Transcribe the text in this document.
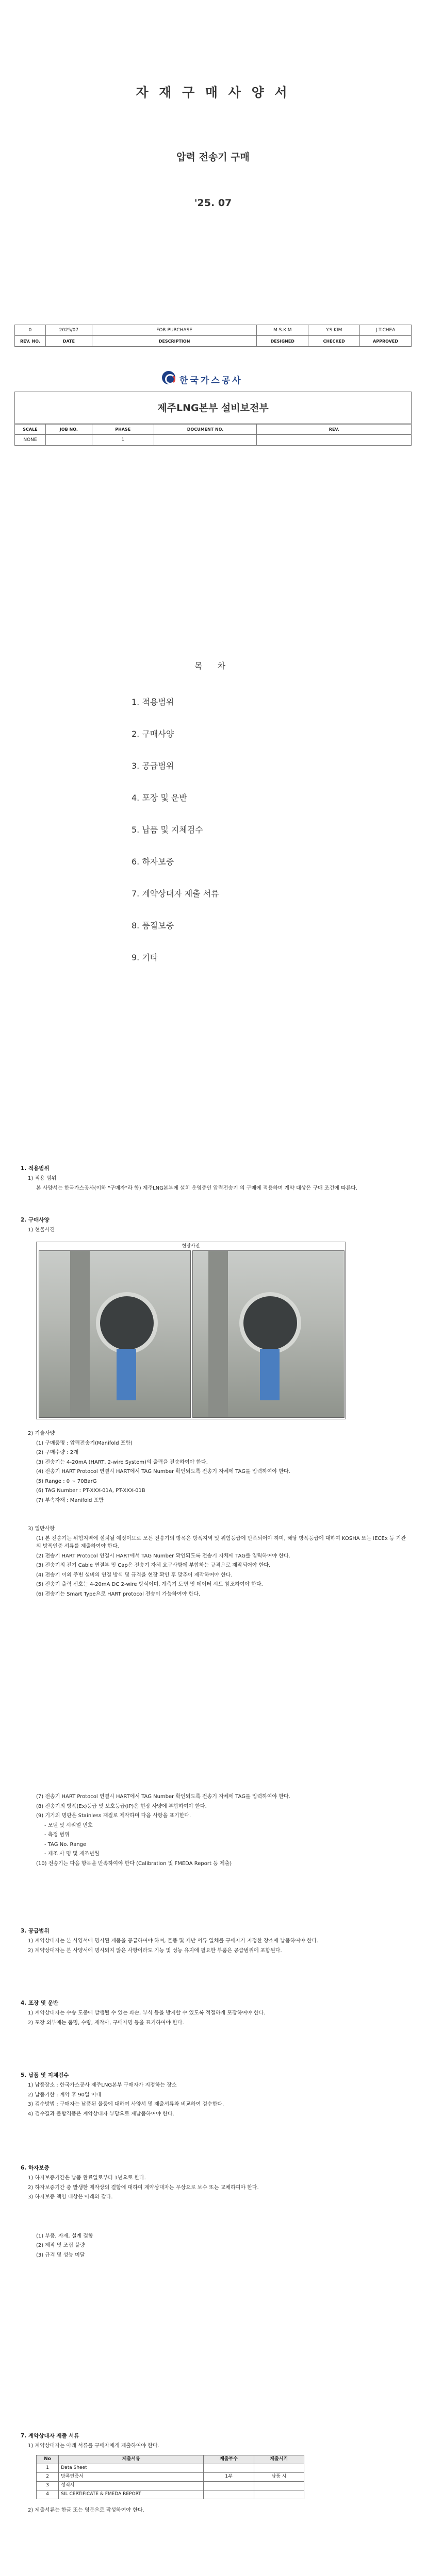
자 재 구 매 사 양 서
압력 전송기 구매
'25. 07
0	2025/07	FOR PURCHASE	M.S.KIM	Y.S.KIM	J.T.CHEA
REV. NO.	DATE	DESCRIPTION	DESIGNED	CHECKED	APPROVED
한국가스공사
제주LNG본부 설비보전부
SCALE	JOB NO.	PHASE	DOCUMENT NO.	REV.
NONE		1		
목 차
1. 적용범위
2. 구매사양
3. 공급범위
4. 포장 및 운반
5. 납품 및 지체검수
6. 하자보증
7. 계약상대자 제출 서류
8. 품질보증
9. 기타
1. 적용범위

1) 적용 범위

본 사양서는 한국가스공사(이하 "구매자"라 함) 제주LNG본부에 설치 운영중인 압력전송기 의 구매에 적용하며 계약 대상은 구매 조건에 따른다.

2. 구매사양

1) 현물사진

현장사진

2) 기술사양

(1) 구매품명 : 압력전송기(Manifold 포함)

(2) 구매수량 : 2개

(3) 전송기는 4-20mA (HART, 2-wire System)의 출력을 전송하여야 한다.

(4) 전송기 HART Protocol 연결시 HART에서 TAG Number 확인되도록 전송기 자체에 TAG를 입력하여야 한다.

(5) Range : 0 ~ 70BarG

(6) TAG Number : PT-XXX-01A, PT-XXX-01B

(7) 부속자재 : Manifold 포함

3) 일반사항

(1) 본 전송기는 위험지역에 설치될 예정이므로 모든 전송기의 방폭은 방폭지역 및 위험등급에 만족되어야 하며, 해당 방폭등급에 대하여 KOSHA 또는 IECEx 등 기관의 방폭인증 서류를 제출하여야 한다.

(2) 전송기 HART Protocol 연결시 HART에서 TAG Number 확인되도록 전송기 자체에 TAG를 입력하여야 한다.

(3) 전송기의 전기 Cable 연결부 및 Cap은 전송기 자체 요구사항에 부합하는 규격으로 제작되어야 한다.

(4) 전송기 이외 주변 설비의 연결 방식 및 규격을 현장 확인 후 맞추어 제작하여야 한다.

(5) 전송기 출력 신호는 4-20mA DC 2-wire 방식이며, 계측기 도면 및 데이터 시트 참조하여야 한다.

(6) 전송기는 Smart Type으로 HART protocol 전송이 가능하여야 한다.

(7) 전송기 HART Protocol 연결시 HART에서 TAG Number 확인되도록 전송기 자체에 TAG를 입력하여야 한다.

(8) 전송기의 방폭(Ex)등급 및 보호등급(IP)은 현장 사양에 부합하여야 한다.

(9) 기기의 명판은 Stainless 재질로 제작하며 다음 사항을 표기한다.

- 모델 및 시리얼 번호

- 측정 범위

- TAG No. Range

- 제조 사 명 및 제조년월

(10) 전송기는 다음 항목을 만족하여야 한다 (Calibration 및 FMEDA Report 등 제출)

3. 공급범위

1) 계약상대자는 본 사양서에 명시된 제품을 공급하여야 하며, 물품 및 제반 서류 일체를 구매자가 지정한 장소에 납품하여야 한다.

2) 계약상대자는 본 사양서에 명시되지 않은 사항이라도 기능 및 성능 유지에 필요한 부품은 공급범위에 포함된다.

4. 포장 및 운반

1) 계약상대자는 수송 도중에 발생될 수 있는 파손, 부식 등을 방지할 수 있도록 적절하게 포장하여야 한다.

2) 포장 외부에는 품명, 수량, 제작사, 구매자명 등을 표기하여야 한다.

5. 납품 및 지체검수

1) 납품장소 : 한국가스공사 제주LNG본부 구매자가 지정하는 장소

2) 납품기한 : 계약 후 90일 이내

3) 검수방법 : 구매자는 납품된 물품에 대하여 사양서 및 제출서류와 비교하여 검수한다.

4) 검수결과 불합격품은 계약상대자 부담으로 재납품하여야 한다.

6. 하자보증

1) 하자보증기간은 납품 완료일로부터 1년으로 한다.

2) 하자보증기간 중 발생한 제작상의 결함에 대하여 계약상대자는 무상으로 보수 또는 교체하여야 한다.

3) 하자보증 책임 대상은 아래와 같다.

(1) 부품, 자재, 설계 결함

(2) 제작 및 조립 불량

(3) 규격 및 성능 미달

7. 계약상대자 제출 서류

1) 계약상대자는 아래 서류를 구매자에게 제출하여야 한다.

No	제출서류	제출부수	제출시기
1	Data Sheet		
2	방폭인증서	1부	납품 시
3	성적서		
4	SIL CERTIFICATE & FMEDA REPORT		

2) 제출서류는 한글 또는 영문으로 작성하여야 한다.
